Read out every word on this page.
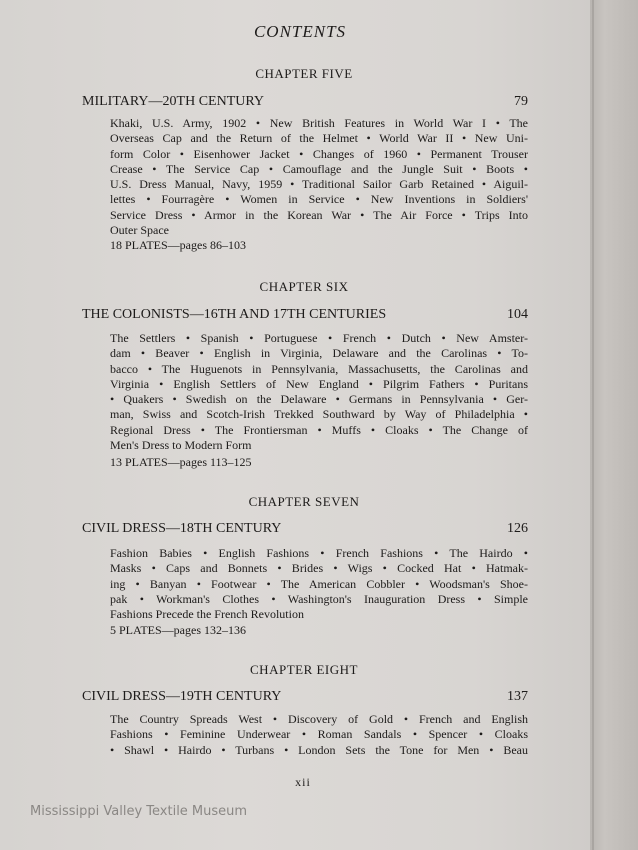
CONTENTS
CHAPTER FIVE
MILITARY—20TH CENTURY	79
Khaki, U.S. Army, 1902 • New British Features in World War I • The
Overseas Cap and the Return of the Helmet • World War II • New Uni-
form Color • Eisenhower Jacket • Changes of 1960 • Permanent Trouser
Crease • The Service Cap • Camouflage and the Jungle Suit • Boots •
U.S. Dress Manual, Navy, 1959 • Traditional Sailor Garb Retained • Aiguil-
lettes • Fourragère • Women in Service • New Inventions in Soldiers'
Service Dress • Armor in the Korean War • The Air Force • Trips Into
Outer Space
18 PLATES—pages 86–103
CHAPTER SIX
THE COLONISTS—16TH AND 17TH CENTURIES	104
The Settlers • Spanish • Portuguese • French • Dutch • New Amster-
dam • Beaver • English in Virginia, Delaware and the Carolinas • To-
bacco • The Huguenots in Pennsylvania, Massachusetts, the Carolinas and
Virginia • English Settlers of New England • Pilgrim Fathers • Puritans
• Quakers • Swedish on the Delaware • Germans in Pennsylvania • Ger-
man, Swiss and Scotch-Irish Trekked Southward by Way of Philadelphia •
Regional Dress • The Frontiersman • Muffs • Cloaks • The Change of
Men's Dress to Modern Form
13 PLATES—pages 113–125
CHAPTER SEVEN
CIVIL DRESS—18TH CENTURY	126
Fashion Babies • English Fashions • French Fashions • The Hairdo •
Masks • Caps and Bonnets • Brides • Wigs • Cocked Hat • Hatmak-
ing • Banyan • Footwear • The American Cobbler • Woodsman's Shoe-
pak • Workman's Clothes • Washington's Inauguration Dress • Simple
Fashions Precede the French Revolution
5 PLATES—pages 132–136
CHAPTER EIGHT
CIVIL DRESS—19TH CENTURY	137
The Country Spreads West • Discovery of Gold • French and English
Fashions • Feminine Underwear • Roman Sandals • Spencer • Cloaks
• Shawl • Hairdo • Turbans • London Sets the Tone for Men • Beau
xii
Mississippi Valley Textile Museum
